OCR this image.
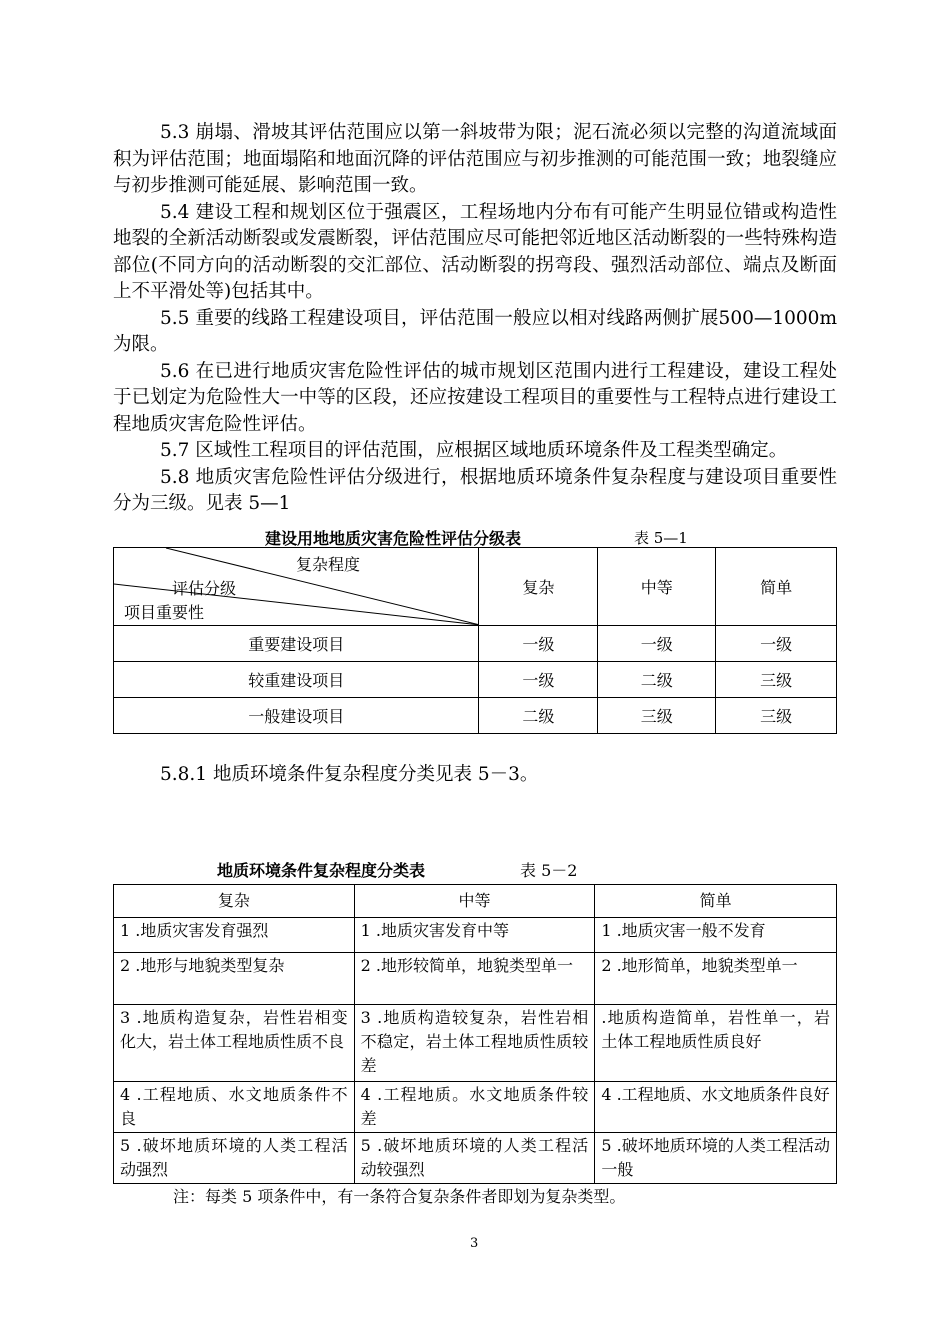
5.3 崩塌、滑坡其评估范围应以第一斜坡带为限；泥石流必须以完整的沟道流域面积为评估范围；地面塌陷和地面沉降的评估范围应与初步推测的可能范围一致；地裂缝应与初步推测可能延展、影响范围一致。

5.4 建设工程和规划区位于强震区，工程场地内分布有可能产生明显位错或构造性地裂的全新活动断裂或发震断裂，评估范围应尽可能把邻近地区活动断裂的一些特殊构造部位(不同方向的活动断裂的交汇部位、活动断裂的拐弯段、强烈活动部位、端点及断面上不平滑处等)包括其中。

5.5 重要的线路工程建设项目，评估范围一般应以相对线路两侧扩展500—1000m 为限。

5.6 在已进行地质灾害危险性评估的城市规划区范围内进行工程建设，建设工程处于已划定为危险性大一中等的区段，还应按建设工程项目的重要性与工程特点进行建设工程地质灾害危险性评估。

5.7 区域性工程项目的评估范围，应根据区域地质环境条件及工程类型确定。

5.8 地质灾害危险性评估分级进行，根据地质环境条件复杂程度与建设项目重要性分为三级。见表 5—1

建设用地地质灾害危险性评估分级表	表 5—1
复杂程度
评估分级
项目重要性	复杂	中等	简单
重要建设项目	一级	一级	一级
较重建设项目	一级	二级	三级
一般建设项目	二级	三级	三级
5.8.1 地质环境条件复杂程度分类见表 5－3。
地质环境条件复杂程度分类表	表 5－2
复杂	中等	简单
1 .地质灾害发育强烈	1 .地质灾害发育中等	1 .地质灾害一般不发育
2 .地形与地貌类型复杂	2 .地形较简单，地貌类型单一	2 .地形简单，地貌类型单一
3 .地质构造复杂，岩性岩相变化大，岩土体工程地质性质不良	3 .地质构造较复杂，岩性岩相不稳定，岩土体工程地质性质较差	.地质构造简单，岩性单一，岩土体工程地质性质良好
4 .工程地质、水文地质条件不良	4 .工程地质。水文地质条件较差	4 .工程地质、水文地质条件良好
5 .破坏地质环境的人类工程活动强烈	5 .破坏地质环境的人类工程活动较强烈	5 .破坏地质环境的人类工程活动一般
注：每类 5 项条件中，有一条符合复杂条件者即划为复杂类型。
3
